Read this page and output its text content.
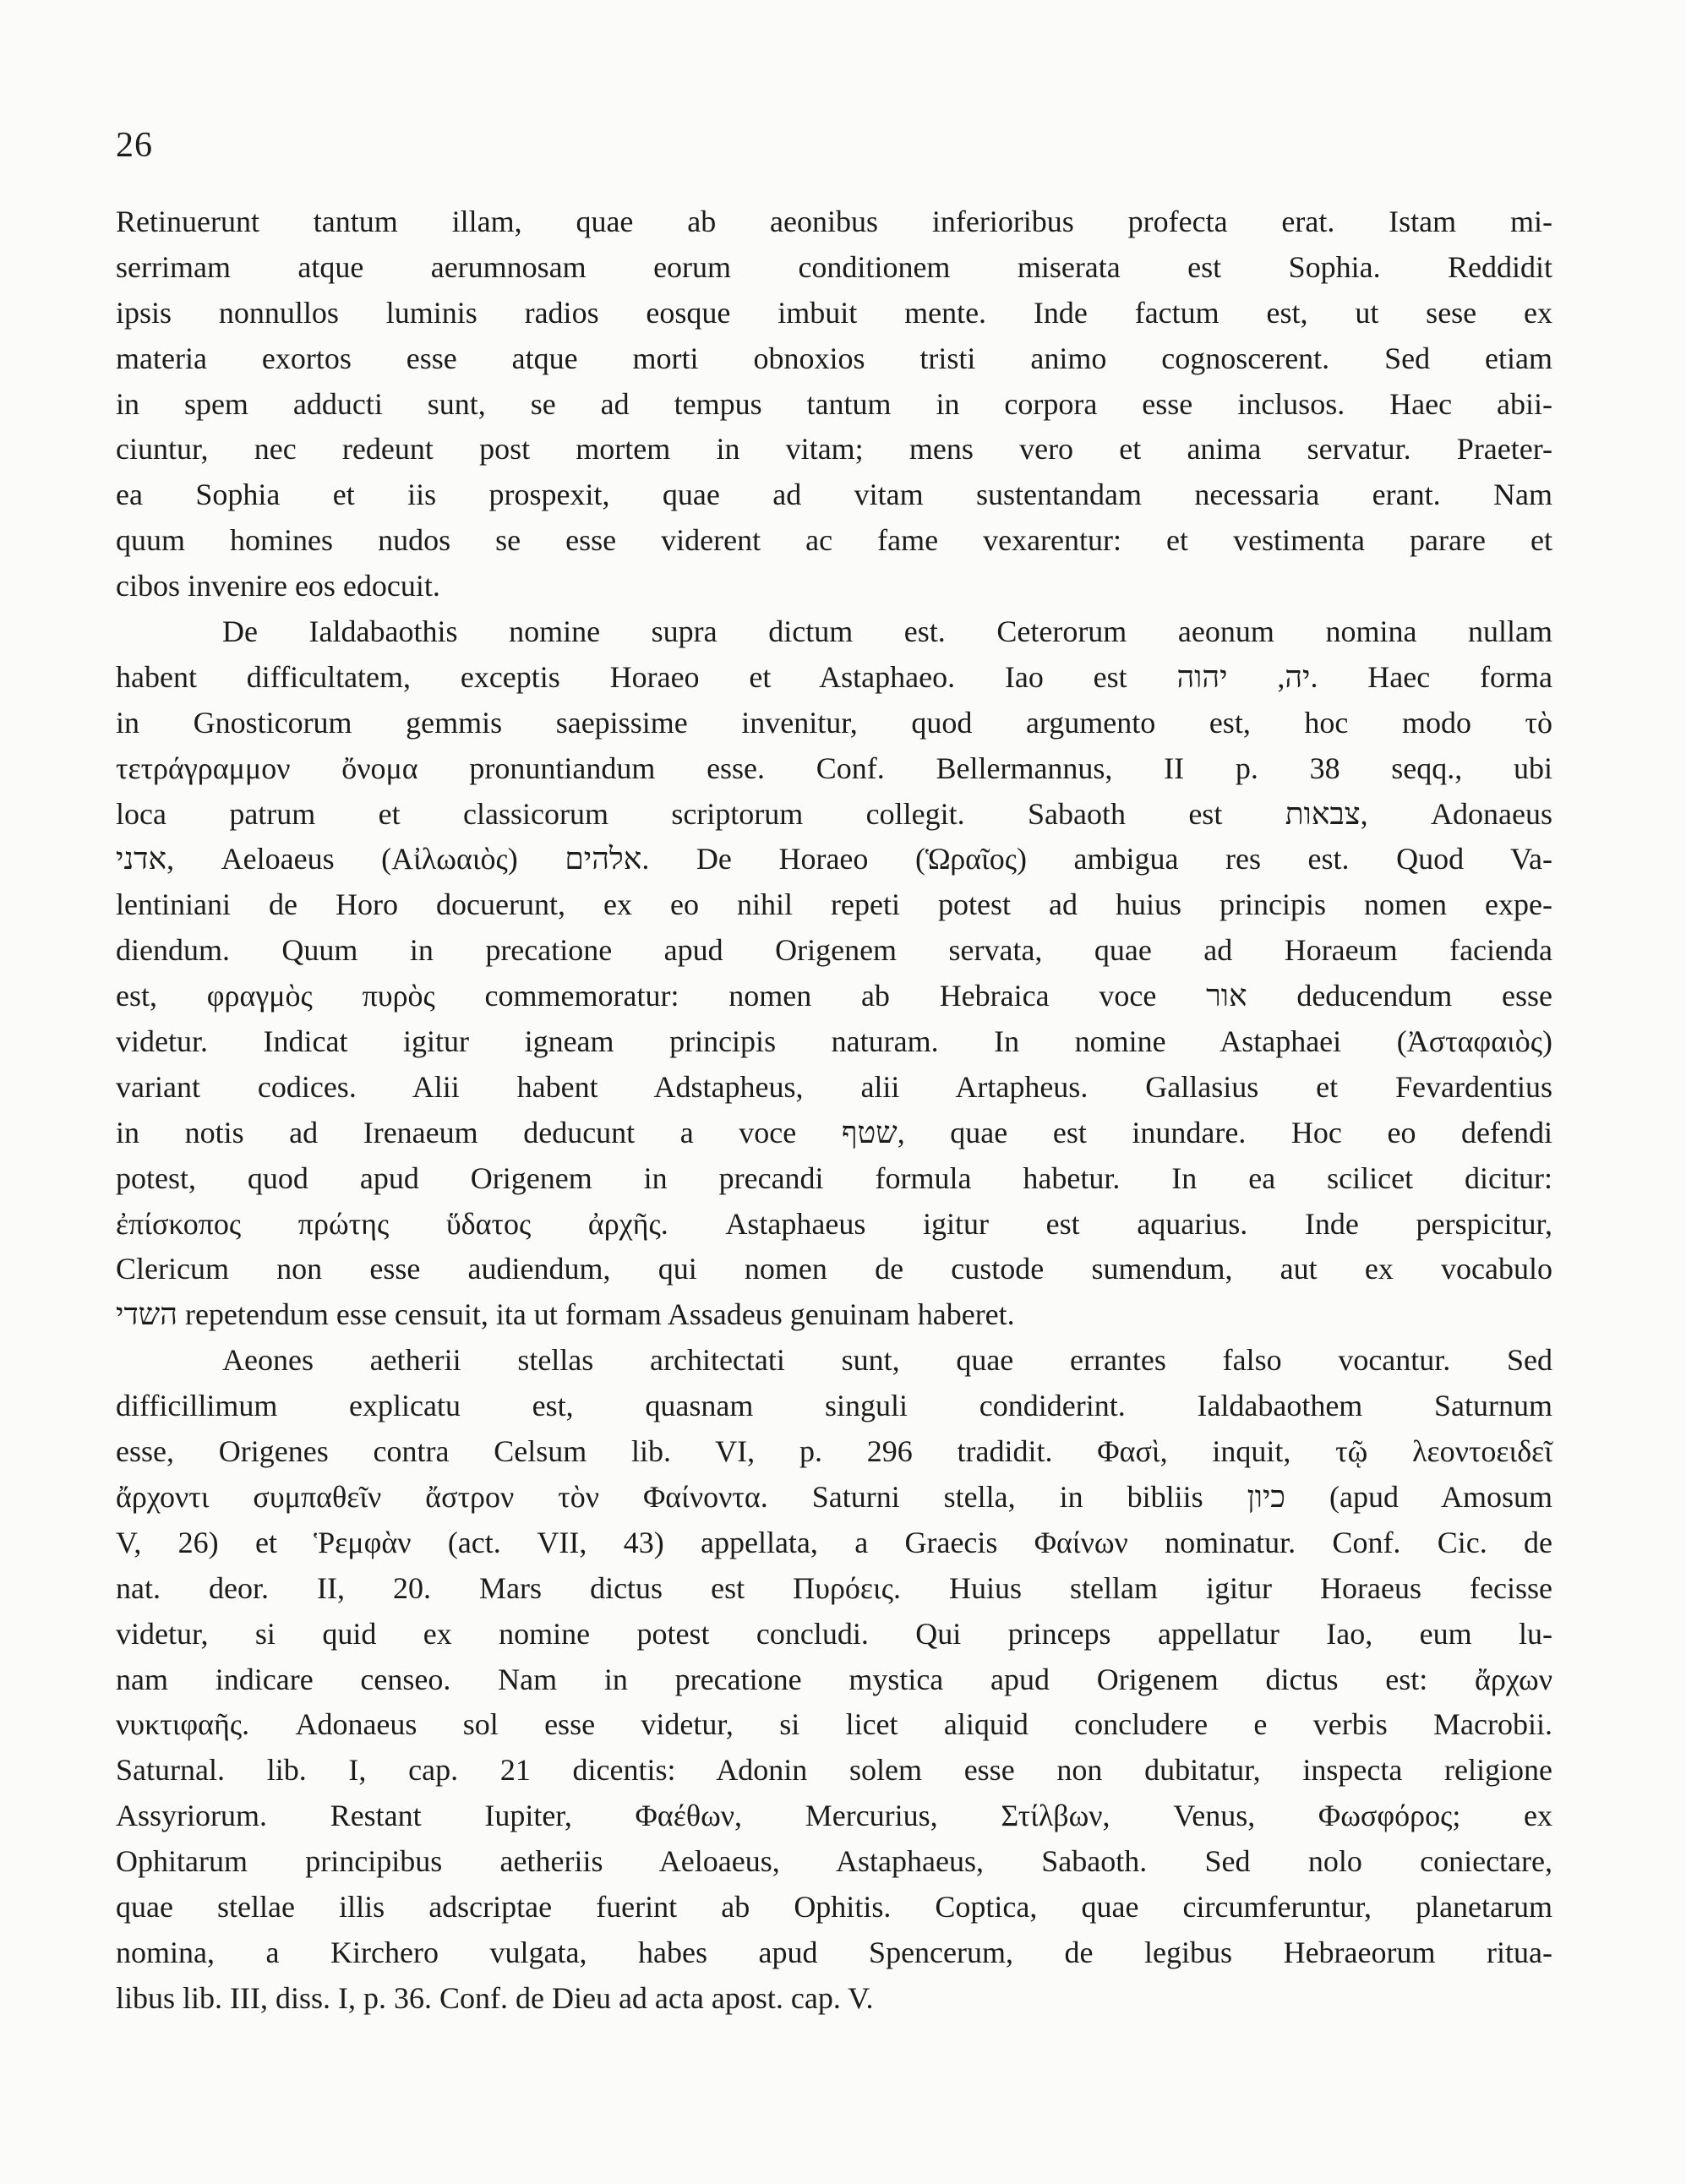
26
Retinuerunt tantum illam, quae ab aeonibus inferioribus profecta erat. Istam mi-
serrimam atque aerumnosam eorum conditionem miserata est Sophia. Reddidit
ipsis nonnullos luminis radios eosque imbuit mente. Inde factum est, ut sese ex
materia exortos esse atque morti obnoxios tristi animo cognoscerent. Sed etiam
in spem adducti sunt, se ad tempus tantum in corpora esse inclusos. Haec abii-
ciuntur, nec redeunt post mortem in vitam; mens vero et anima servatur. Praeter-
ea Sophia et iis prospexit, quae ad vitam sustentandam necessaria erant. Nam
quum homines nudos se esse viderent ac fame vexarentur: et vestimenta parare et
cibos invenire eos edocuit.
De Ialdabaothis nomine supra dictum est. Ceterorum aeonum nomina nullam
habent difficultatem, exceptis Horaeo et Astaphaeo. Iao est יה, יהוה. Haec forma
in Gnosticorum gemmis saepissime invenitur, quod argumento est, hoc modo τὸ
τετράγραμμον ὄνομα pronuntiandum esse. Conf. Bellermannus, II p. 38 seqq., ubi
loca patrum et classicorum scriptorum collegit. Sabaoth est צבאות, Adonaeus
אדני, Aeloaeus (Αἰλωαιὸς) אלהים. De Horaeo (Ὡραῖος) ambigua res est. Quod Va-
lentiniani de Horo docuerunt, ex eo nihil repeti potest ad huius principis nomen expe-
diendum. Quum in precatione apud Origenem servata, quae ad Horaeum facienda
est, φραγμὸς πυρὸς commemoratur: nomen ab Hebraica voce אור deducendum esse
videtur. Indicat igitur igneam principis naturam. In nomine Astaphaei (Ἀσταφαιὸς)
variant codices. Alii habent Adstapheus, alii Artapheus. Gallasius et Fevardentius
in notis ad Irenaeum deducunt a voce שטף, quae est inundare. Hoc eo defendi
potest, quod apud Origenem in precandi formula habetur. In ea scilicet dicitur:
ἐπίσκοπος πρώτης ὕδατος ἀρχῆς. Astaphaeus igitur est aquarius. Inde perspicitur,
Clericum non esse audiendum, qui nomen de custode sumendum, aut ex vocabulo
השדי repetendum esse censuit, ita ut formam Assadeus genuinam haberet.
Aeones aetherii stellas architectati sunt, quae errantes falso vocantur. Sed
difficillimum explicatu est, quasnam singuli condiderint. Ialdabaothem Saturnum
esse, Origenes contra Celsum lib. VI, p. 296 tradidit. Φασὶ, inquit, τῷ λεοντοειδεῖ
ἄρχοντι συμπαθεῖν ἄστρον τὸν Φαίνοντα. Saturni stella, in bibliis כיון (apud Amosum
V, 26) et Ῥεμφὰν (act. VII, 43) appellata, a Graecis Φαίνων nominatur. Conf. Cic. de
nat. deor. II, 20. Mars dictus est Πυρόεις. Huius stellam igitur Horaeus fecisse
videtur, si quid ex nomine potest concludi. Qui princeps appellatur Iao, eum lu-
nam indicare censeo. Nam in precatione mystica apud Origenem dictus est: ἄρχων
νυκτιφαῆς. Adonaeus sol esse videtur, si licet aliquid concludere e verbis Macrobii.
Saturnal. lib. I, cap. 21 dicentis: Adonin solem esse non dubitatur, inspecta religione
Assyriorum. Restant Iupiter, Φαέθων, Mercurius, Στίλβων, Venus, Φωσφόρος; ex
Ophitarum principibus aetheriis Aeloaeus, Astaphaeus, Sabaoth. Sed nolo coniectare,
quae stellae illis adscriptae fuerint ab Ophitis. Coptica, quae circumferuntur, planetarum
nomina, a Kirchero vulgata, habes apud Spencerum, de legibus Hebraeorum ritua-
libus lib. III, diss. I, p. 36. Conf. de Dieu ad acta apost. cap. V.
